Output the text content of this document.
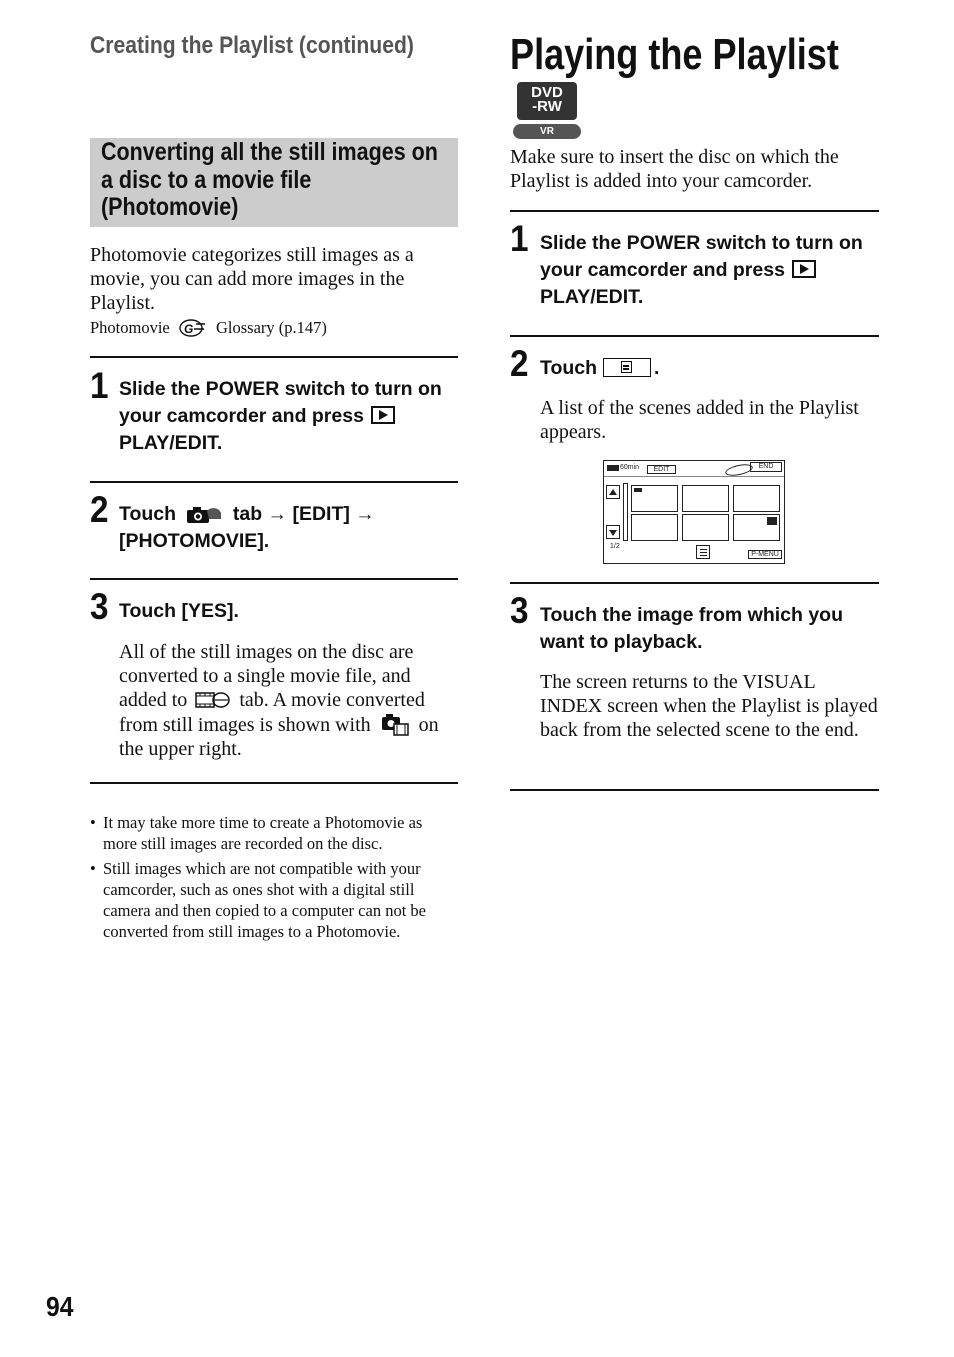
Creating the Playlist (continued)
Converting all the still images on a disc to a movie file (Photomovie)
Photomovie categorizes still images as a movie, you can add more images in the Playlist.
Photomovie G Glossary (p.147)
1 Slide the POWER switch to turn on your camcorder and press
PLAY/EDIT.
2 Touch	tab → [EDIT] →
[PHOTOMOVIE].
3 Touch [YES].
All of the still images on the disc are converted to a single movie file, and added to	tab. A movie converted from still images is shown with on the upper right.
• It may take more time to create a Photomovie as more still images are recorded on the disc.
• Still images which are not compatible with your camcorder, such as ones shot with a digital still camera and then copied to a computer can not be converted from still images to a Photomovie.
Playing the Playlist
DVD
-RW
VR
Make sure to insert the disc on which the Playlist is added into your camcorder.
1 Slide the POWER switch to turn on your camcorder and press
PLAY/EDIT.
2 Touch	.
A list of the scenes added in the Playlist appears.
60min	EDIT	END
1/2
P-MENU
3 Touch the image from which you want to playback.
The screen returns to the VISUAL INDEX screen when the Playlist is played back from the selected scene to the end.
94
